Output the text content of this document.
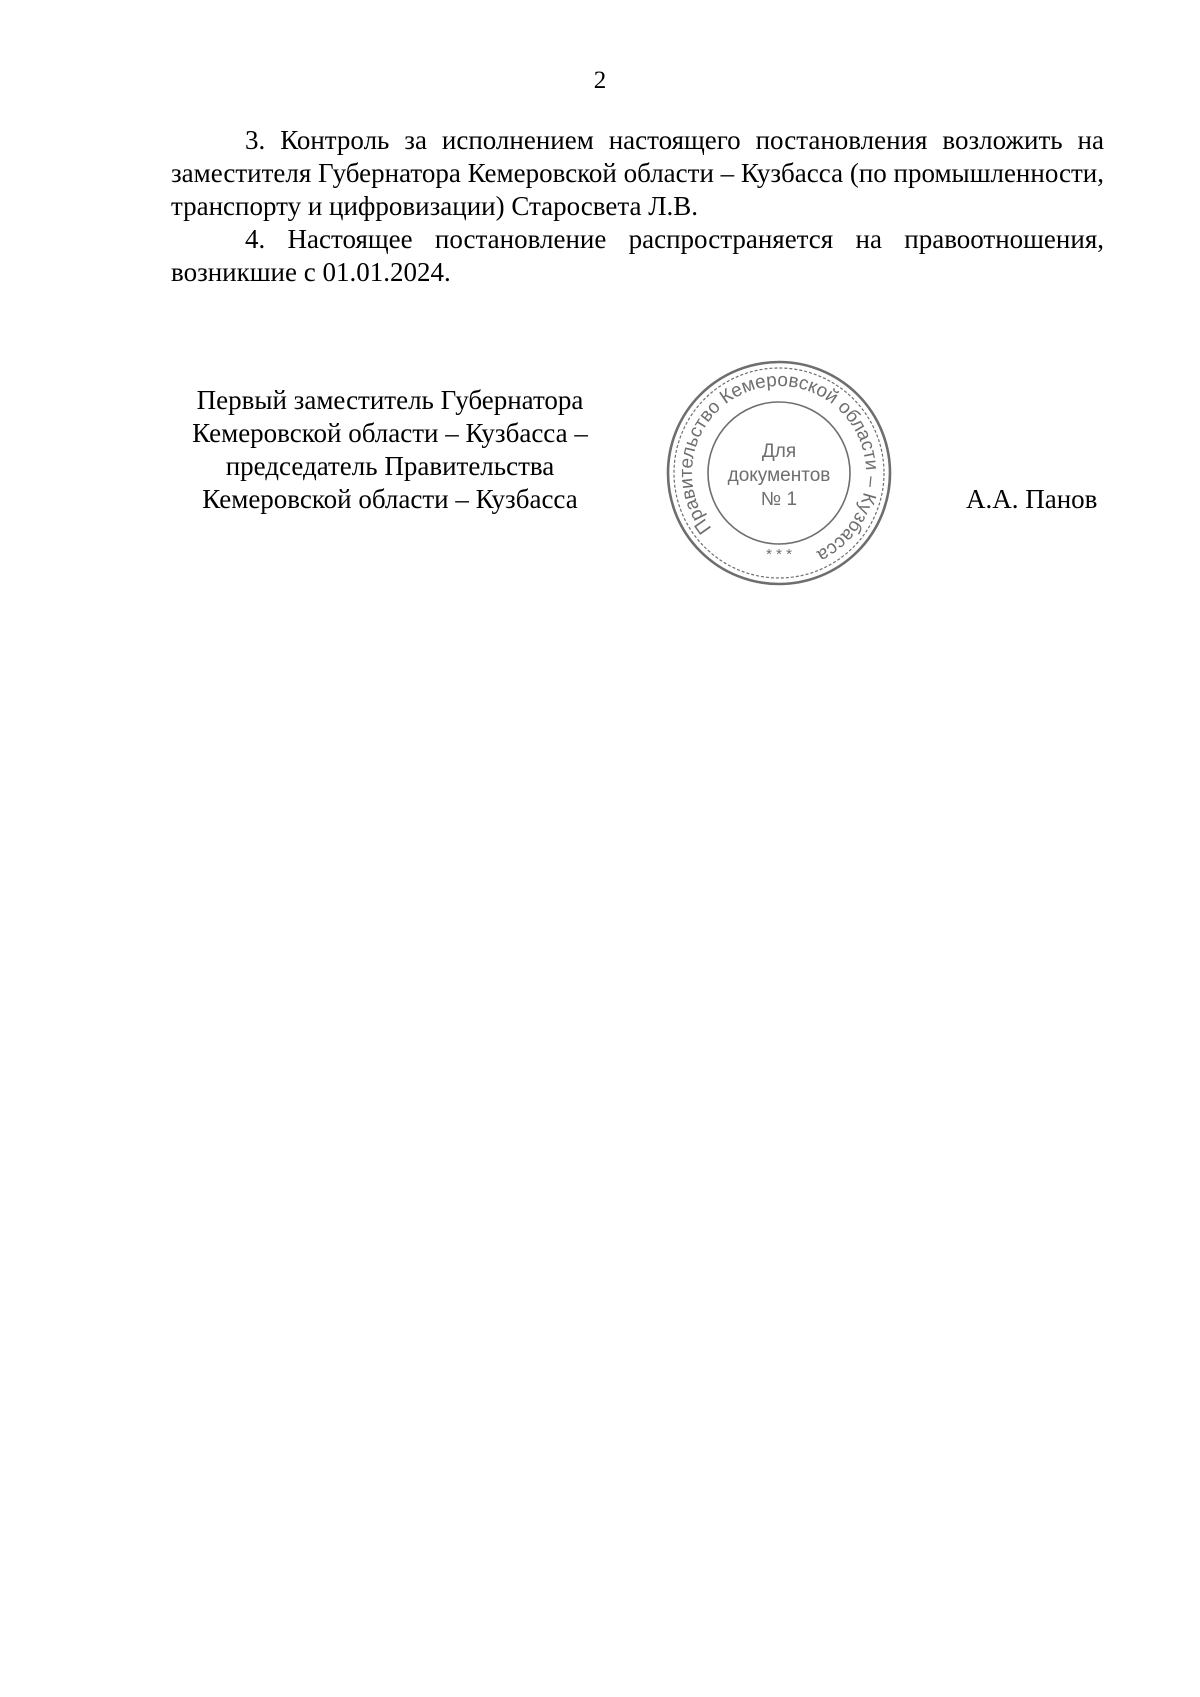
2

3. Контроль за исполнением настоящего постановления возложить на заместителя Губернатора Кемеровской области – Кузбасса (по промышленности, транспорту и цифровизации) Старосвета Л.В.

4. Настоящее постановление распространяется на правоотношения, возникшие с 01.01.2024.

Первый заместитель Губернатора
Кемеровской области – Кузбасса –
председатель Правительства
Кемеровской области – Кузбасса
Правительство Кемеровской области – Кузбасса
Для
документов
№ 1
* * *
А.А. Панов
